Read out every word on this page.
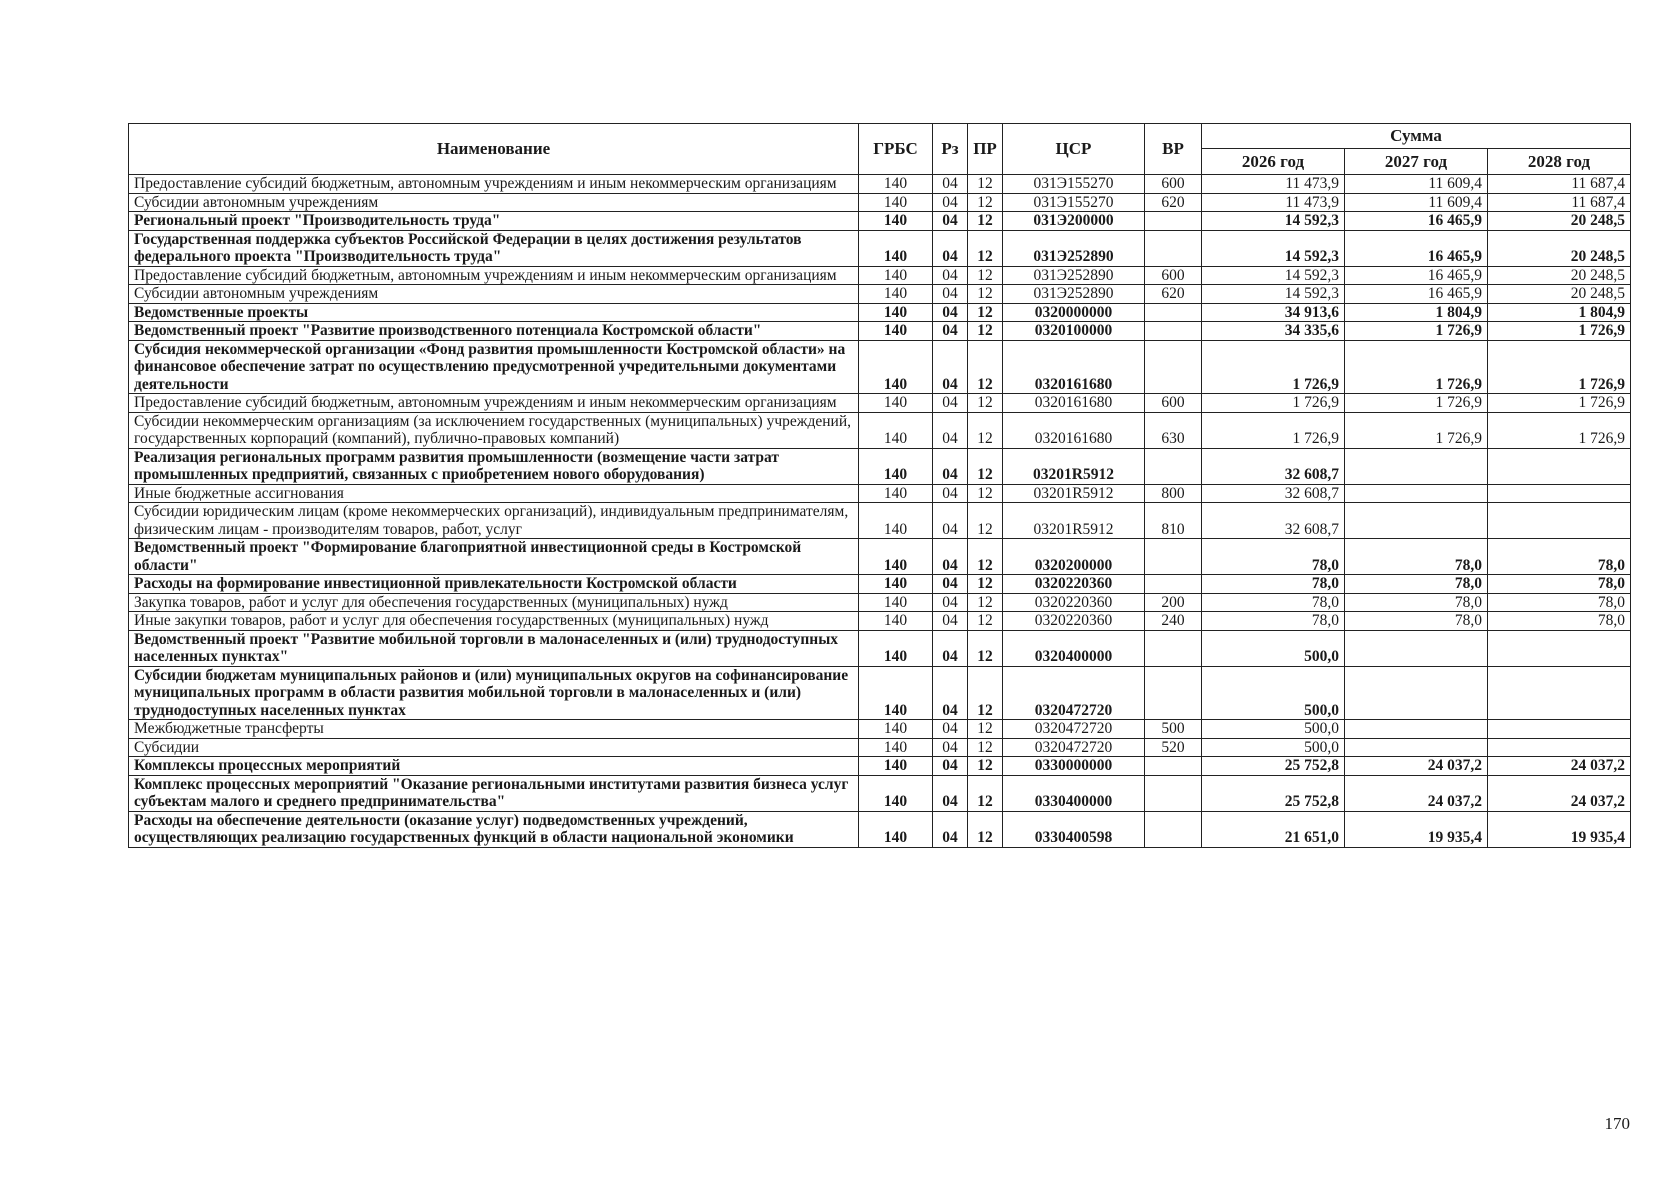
Наименование	ГРБС	Рз	ПР	ЦСР	ВР	Сумма		
						2026 год	2027 год	2028 год
Предоставление субсидий бюджетным, автономным учреждениям и иным некоммерческим организациям	140	04	12	031Э155270	600	11 473,9	11 609,4	11 687,4
Субсидии автономным учреждениям	140	04	12	031Э155270	620	11 473,9	11 609,4	11 687,4
Региональный проект "Производительность труда"	140	04	12	031Э200000		14 592,3	16 465,9	20 248,5
Государственная поддержка субъектов Российской Федерации в целях достижения результатов федерального проекта "Производительность труда"	140	04	12	031Э252890		14 592,3	16 465,9	20 248,5
Предоставление субсидий бюджетным, автономным учреждениям и иным некоммерческим организациям	140	04	12	031Э252890	600	14 592,3	16 465,9	20 248,5
Субсидии автономным учреждениям	140	04	12	031Э252890	620	14 592,3	16 465,9	20 248,5
Ведомственные проекты	140	04	12	0320000000		34 913,6	1 804,9	1 804,9
Ведомственный проект "Развитие производственного потенциала Костромской области"	140	04	12	0320100000		34 335,6	1 726,9	1 726,9
Субсидия некоммерческой организации «Фонд развития промышленности Костромской области» на финансовое обеспечение затрат по осуществлению предусмотренной учредительными документами деятельности	140	04	12	0320161680		1 726,9	1 726,9	1 726,9
Предоставление субсидий бюджетным, автономным учреждениям и иным некоммерческим организациям	140	04	12	0320161680	600	1 726,9	1 726,9	1 726,9
Субсидии некоммерческим организациям (за исключением государственных (муниципальных) учреждений, государственных корпораций (компаний), публично-правовых компаний)	140	04	12	0320161680	630	1 726,9	1 726,9	1 726,9
Реализация региональных программ развития промышленности (возмещение части затрат промышленных предприятий, связанных с приобретением нового оборудования)	140	04	12	03201R5912		32 608,7		
Иные бюджетные ассигнования	140	04	12	03201R5912	800	32 608,7		
Субсидии юридическим лицам (кроме некоммерческих организаций), индивидуальным предпринимателям, физическим лицам - производителям товаров, работ, услуг	140	04	12	03201R5912	810	32 608,7		
Ведомственный проект "Формирование благоприятной инвестиционной среды в Костромской области"	140	04	12	0320200000		78,0	78,0	78,0
Расходы на формирование инвестиционной привлекательности Костромской области	140	04	12	0320220360		78,0	78,0	78,0
Закупка товаров, работ и услуг для обеспечения государственных (муниципальных) нужд	140	04	12	0320220360	200	78,0	78,0	78,0
Иные закупки товаров, работ и услуг для обеспечения государственных (муниципальных) нужд	140	04	12	0320220360	240	78,0	78,0	78,0
Ведомственный проект "Развитие мобильной торговли в малонаселенных и (или) труднодоступных населенных пунктах"	140	04	12	0320400000		500,0		
Субсидии бюджетам муниципальных районов и (или) муниципальных округов на софинансирование муниципальных программ в области развития мобильной торговли в малонаселенных и (или) труднодоступных населенных пунктах	140	04	12	0320472720		500,0		
Межбюджетные трансферты	140	04	12	0320472720	500	500,0		
Субсидии	140	04	12	0320472720	520	500,0		
Комплексы процессных мероприятий	140	04	12	0330000000		25 752,8	24 037,2	24 037,2
Комплекс процессных мероприятий "Оказание региональными институтами развития бизнеса услуг субъектам малого и среднего предпринимательства"	140	04	12	0330400000		25 752,8	24 037,2	24 037,2
Расходы на обеспечение деятельности (оказание услуг) подведомственных учреждений, осуществляющих реализацию государственных функций в области национальной экономики	140	04	12	0330400598		21 651,0	19 935,4	19 935,4
170
